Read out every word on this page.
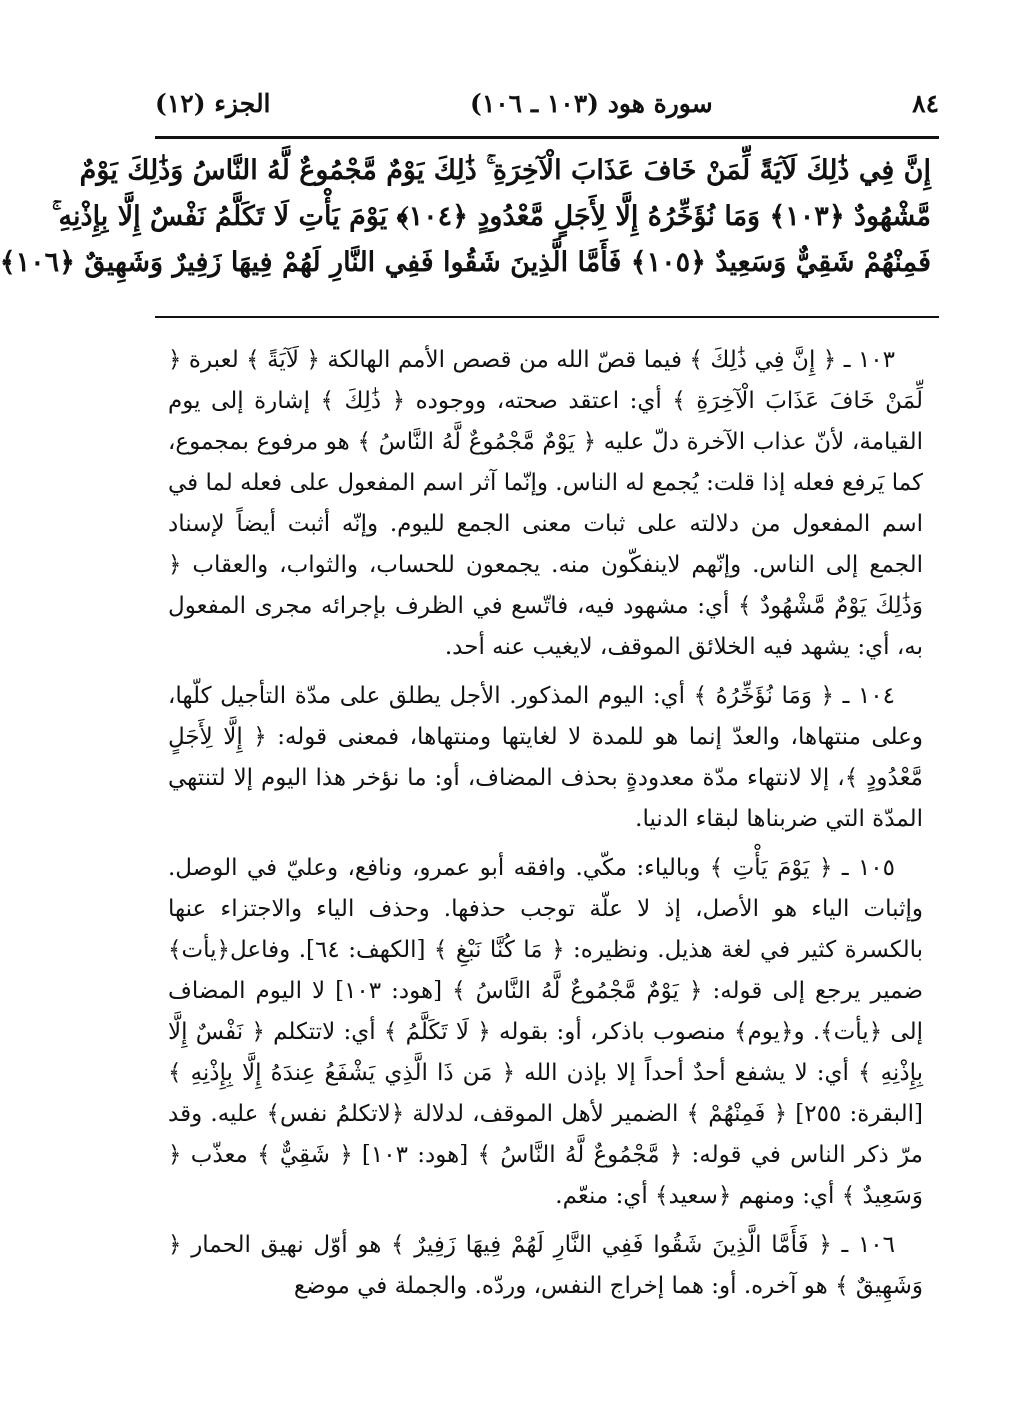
٨٤
سورة هود (١٠٣ ـ ١٠٦)
الجزء (١٢)
إِنَّ فِي ذَٰلِكَ لَآيَةً لِّمَنْ خَافَ عَذَابَ الْآخِرَةِ ۚ ذَٰلِكَ يَوْمٌ مَّجْمُوعٌ لَّهُ النَّاسُ وَذَٰلِكَ يَوْمٌ
مَّشْهُودٌ ﴿١٠٣﴾ وَمَا نُؤَخِّرُهُ إِلَّا لِأَجَلٍ مَّعْدُودٍ ﴿١٠٤﴾ يَوْمَ يَأْتِ لَا تَكَلَّمُ نَفْسٌ إِلَّا بِإِذْنِهِ ۚ
فَمِنْهُمْ شَقِيٌّ وَسَعِيدٌ ﴿١٠٥﴾ فَأَمَّا الَّذِينَ شَقُوا فَفِي النَّارِ لَهُمْ فِيهَا زَفِيرٌ وَشَهِيقٌ ﴿١٠٦﴾

١٠٣ ـ ﴿ إِنَّ فِي ذَٰلِكَ ﴾ فيما قصّ الله من قصص الأمم الهالكة ﴿ لَآيَةً ﴾ لعبرة ﴿ لِّمَنْ خَافَ عَذَابَ الْآخِرَةِ ﴾ أي: اعتقد صحته، ووجوده ﴿ ذَٰلِكَ ﴾ إشارة إلى يوم القيامة، لأنّ عذاب الآخرة دلّ عليه ﴿ يَوْمٌ مَّجْمُوعٌ لَّهُ النَّاسُ ﴾ هو مرفوع بمجموع، كما يَرفع فعله إذا قلت: يُجمع له الناس. وإنّما آثر اسم المفعول على فعله لما في اسم المفعول من دلالته على ثبات معنى الجمع لليوم. وإنّه أثبت أيضاً لإسناد الجمع إلى الناس. وإنّهم لاينفكّون منه. يجمعون للحساب، والثواب، والعقاب ﴿ وَذَٰلِكَ يَوْمٌ مَّشْهُودٌ ﴾ أي: مشهود فيه، فاتّسع في الظرف بإجرائه مجرى المفعول به، أي: يشهد فيه الخلائق الموقف، لايغيب عنه أحد.

١٠٤ ـ ﴿ وَمَا نُؤَخِّرُهُ ﴾ أي: اليوم المذكور. الأجل يطلق على مدّة التأجيل كلّها، وعلى منتهاها، والعدّ إنما هو للمدة لا لغايتها ومنتهاها، فمعنى قوله: ﴿ إِلَّا لِأَجَلٍ مَّعْدُودٍ ﴾، إلا لانتهاء مدّة معدودةٍ بحذف المضاف، أو: ما نؤخر هذا اليوم إلا لتنتهي المدّة التي ضربناها لبقاء الدنيا.

١٠٥ ـ ﴿ يَوْمَ يَأْتِ ﴾ وبالياء: مكّي. وافقه أبو عمرو، ونافع، وعليّ في الوصل. وإثبات الياء هو الأصل، إذ لا علّة توجب حذفها. وحذف الياء والاجتزاء عنها بالكسرة كثير في لغة هذيل. ونظيره: ﴿ مَا كُنَّا نَبْغِ ﴾ [الكهف: ٦٤]. وفاعل﴿يأت﴾ ضمير يرجع إلى قوله: ﴿ يَوْمٌ مَّجْمُوعٌ لَّهُ النَّاسُ ﴾ [هود: ١٠٣] لا اليوم المضاف إلى ﴿يأت﴾. و﴿يوم﴾ منصوب باذكر، أو: بقوله ﴿ لَا تَكَلَّمُ ﴾ أي: لاتتكلم ﴿ نَفْسٌ إِلَّا بِإِذْنِهِ ﴾ أي: لا يشفع أحدٌ أحداً إلا بإذن الله ﴿ مَن ذَا الَّذِي يَشْفَعُ عِندَهُ إِلَّا بِإِذْنِهِ ﴾ [البقرة: ٢٥٥] ﴿ فَمِنْهُمْ ﴾ الضمير لأهل الموقف، لدلالة ﴿لاتكلمُ نفس﴾ عليه. وقد مرّ ذكر الناس في قوله: ﴿ مَّجْمُوعٌ لَّهُ النَّاسُ ﴾ [هود: ١٠٣] ﴿ شَقِيٌّ ﴾ معذّب ﴿ وَسَعِيدٌ ﴾ أي: ومنهم ﴿سعيد﴾ أي: منعّم.

١٠٦ ـ ﴿ فَأَمَّا الَّذِينَ شَقُوا فَفِي النَّارِ لَهُمْ فِيهَا زَفِيرٌ ﴾ هو أوّل نهيق الحمار ﴿ وَشَهِيقٌ ﴾ هو آخره. أو: هما إخراج النفس، وردّه. والجملة في موضع
